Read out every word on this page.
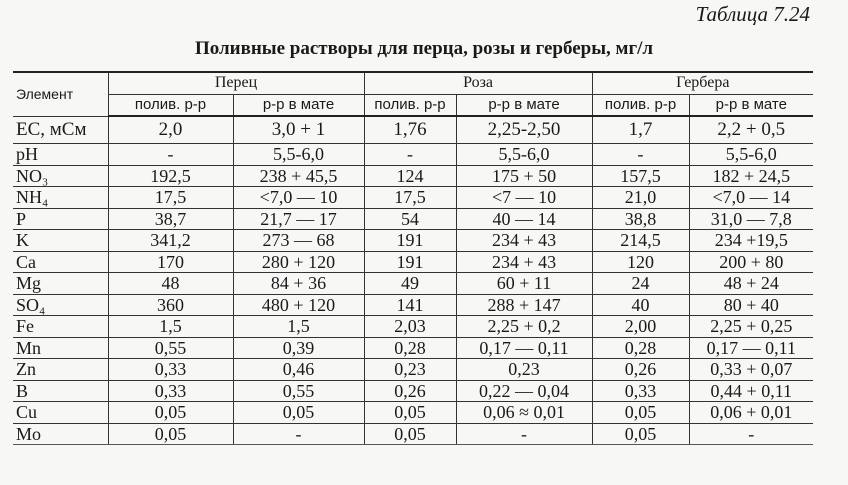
Таблица 7.24
Поливные растворы для перца, розы и герберы, мг/л
Элемент	Перец		Роза		Гербера	
	полив. р-р	р-р в мате	полив. р-р	р-р в мате	полив. р-р	р-р в мате
ЕС, мСм	2,0	3,0 + 1	1,76	2,25-2,50	1,7	2,2 + 0,5
рН	-	5,5-6,0	-	5,5-6,0	-	5,5-6,0
NO₃	192,5	238 + 45,5	124	175 + 50	157,5	182 + 24,5
NH₄	17,5	<7,0 — 10	17,5	<7 — 10	21,0	<7,0 — 14
P	38,7	21,7 — 17	54	40 — 14	38,8	31,0 — 7,8
K	341,2	273 — 68	191	234 + 43	214,5	234 +19,5
Ca	170	280 + 120	191	234 + 43	120	200 + 80
Mg	48	84 + 36	49	60 + 11	24	48 + 24
SO₄	360	480 + 120	141	288 + 147	40	80 + 40
Fe	1,5	1,5	2,03	2,25 + 0,2	2,00	2,25 + 0,25
Mn	0,55	0,39	0,28	0,17 — 0,11	0,28	0,17 — 0,11
Zn	0,33	0,46	0,23	0,23	0,26	0,33 + 0,07
B	0,33	0,55	0,26	0,22 — 0,04	0,33	0,44 + 0,11
Cu	0,05	0,05	0,05	0,06 ≈ 0,01	0,05	0,06 + 0,01
Mo	0,05	-	0,05	-	0,05	-
